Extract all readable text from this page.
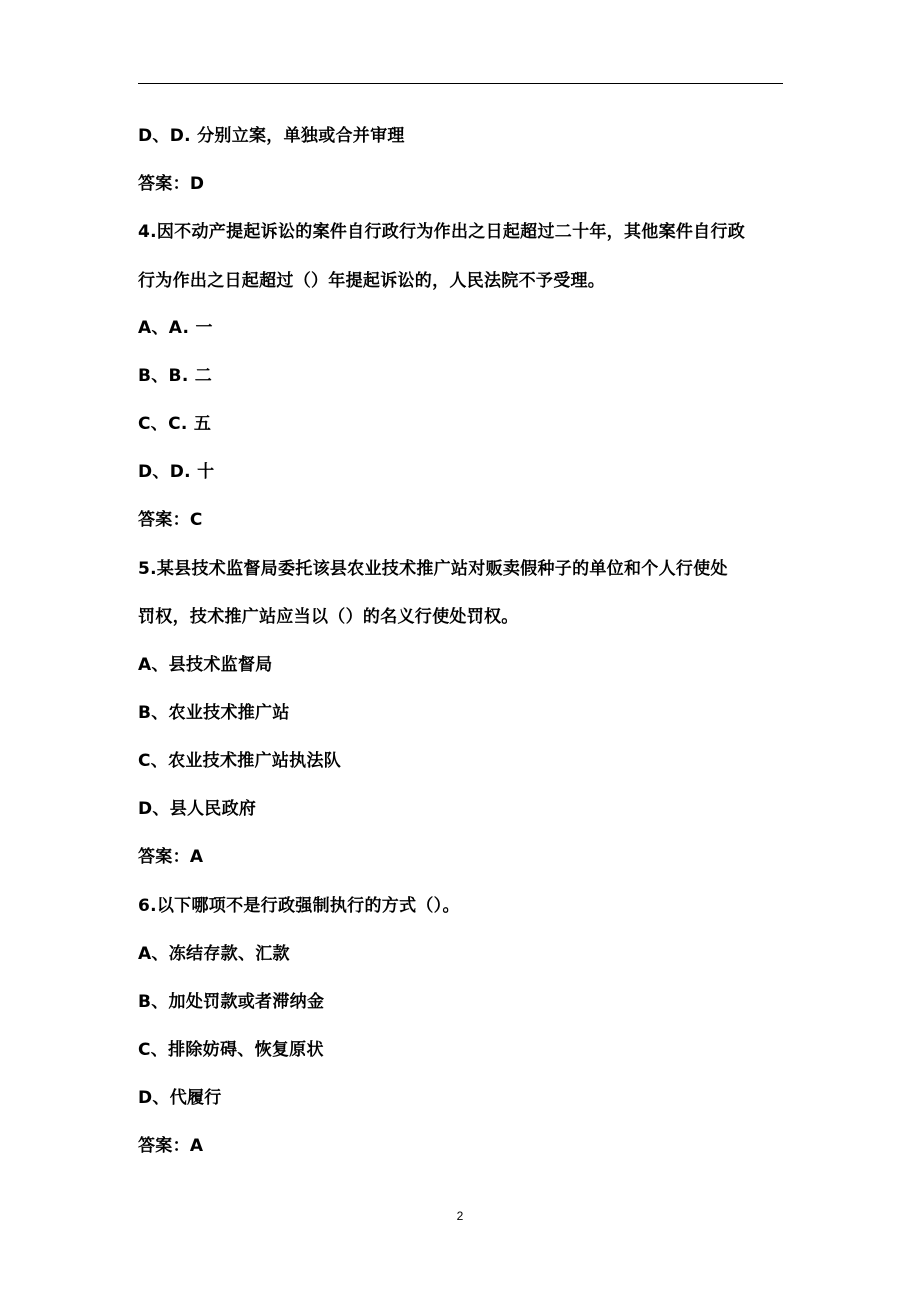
D、D. 分别立案，单独或合并审理
答案：D
4.因不动产提起诉讼的案件自行政行为作出之日起超过二十年，其他案件自行政
行为作出之日起超过（）年提起诉讼的，人民法院不予受理。
A、A. 一
B、B. 二
C、C. 五
D、D. 十
答案：C
5.某县技术监督局委托该县农业技术推广站对贩卖假种子的单位和个人行使处
罚权，技术推广站应当以（）的名义行使处罚权。
A、县技术监督局
B、农业技术推广站
C、农业技术推广站执法队
D、县人民政府
答案：A
6.以下哪项不是行政强制执行的方式（）。
A、冻结存款、汇款
B、加处罚款或者滞纳金
C、排除妨碍、恢复原状
D、代履行
答案：A
2
